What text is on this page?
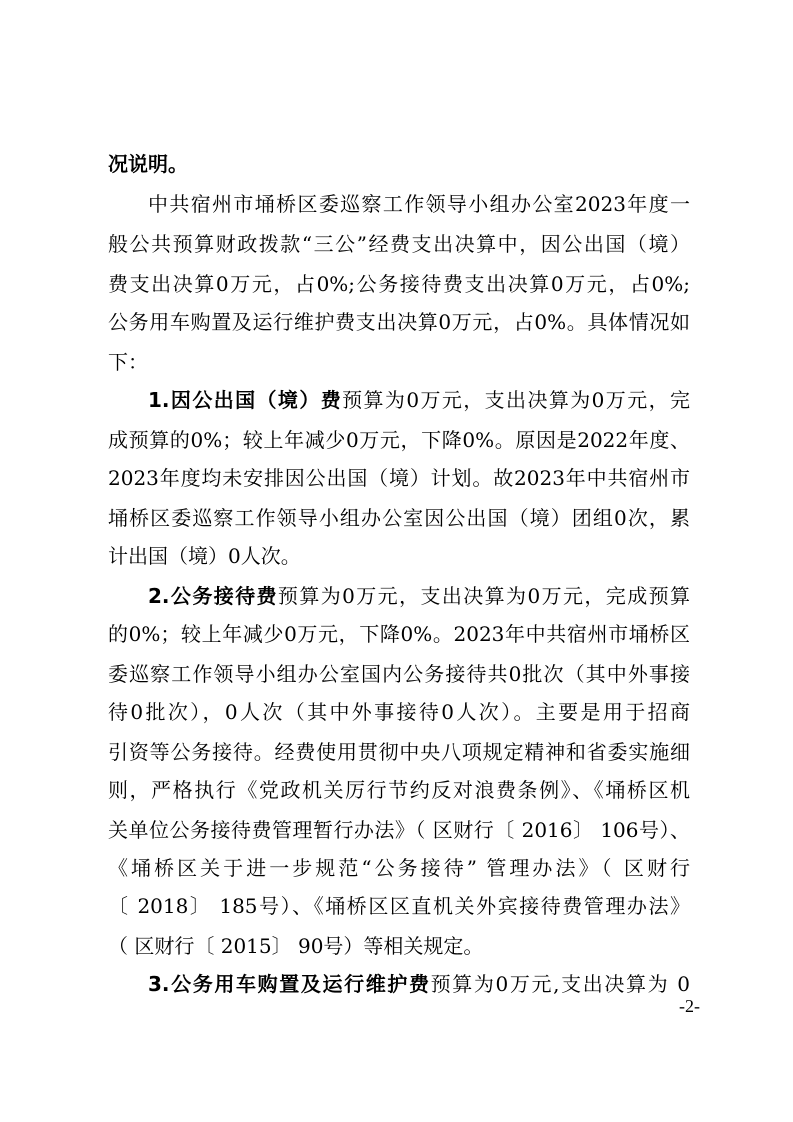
况说明。
中共宿州市埇桥区委巡察工作领导小组办公室2023年度一
般公共预算财政拨款“三公”经费支出决算中，因公出国（境）
费支出决算0万元，占0%;公务接待费支出决算0万元，占0%;
公务用车购置及运行维护费支出决算0万元，占0%。具体情况如
下：
1.因公出国（境）费预算为0万元，支出决算为0万元，完
成预算的0%；较上年减少0万元，下降0%。原因是2022年度、
2023年度均未安排因公出国（境）计划。故2023年中共宿州市
埇桥区委巡察工作领导小组办公室因公出国（境）团组0次，累
计出国（境）0人次。
2.公务接待费预算为0万元，支出决算为0万元，完成预算
的0%；较上年减少0万元，下降0%。2023年中共宿州市埇桥区
委巡察工作领导小组办公室国内公务接待共0批次（其中外事接
待0批次），0人次（其中外事接待0人次）。主要是用于招商
引资等公务接待。经费使用贯彻中央八项规定精神和省委实施细
则，严格执行《党政机关厉行节约反对浪费条例》、《埇桥区机
关单位公务接待费管理暂行办法》（ 区财行〔 2016〕 106号）、
《埇桥区关于进一步规范“公务接待” 管理办法》（ 区财行
〔 2018〕 185号）、《埇桥区区直机关外宾接待费管理办法》
（ 区财行〔 2015〕 90号）等相关规定。
3.公务用车购置及运行维护费预算为0万元,支出决算为 0
-2-
